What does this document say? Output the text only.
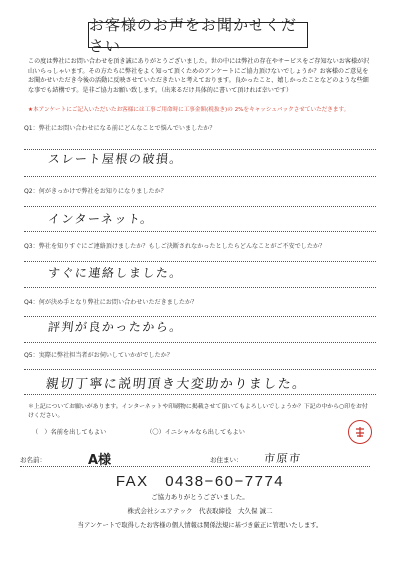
お客様のお声をお聞かせください
この度は弊社にお問い合わせを頂き誠にありがとうございました。世の中には弊社の存在やサービスをご存知ないお客様が沢山いらっしゃいます。その方たちに弊社をよく知って頂くためのアンケートにご協力頂けないでしょうか？お客様のご意見をお聞かせいただき今後の活動に反映させていただきたいと考えております。良かったこと、嬉しかったことなどのような些細な事でも結構です。是非ご協力お願い致します。（出来るだけ具体的に書いて頂ければ幸いです）
★本アンケートにご記入いただいたお客様には工事ご用命時に工事金額(税抜き)の 2%をキャッシュバックさせていただきます。
Q1：弊社にお問い合わせになる前にどんなことで悩んでいましたか？
スレート屋根の破損。
Q2：何がきっかけで弊社をお知りになりましたか？
インターネット。
Q3：弊社を知りすぐにご連絡頂けましたか？もしご決断されなかったとしたらどんなことがご不安でしたか？
すぐに連絡しました。
Q4：何が決め手となり弊社にお問い合わせいただきましたか？
評判が良かったから。
Q5：実際に弊社担当者がお伺いしていかがでしたか？
親切丁寧に説明頂き大変助かりました。
＊上記についてお願いがあります。インターネットや印刷物に掲載させて頂いてもよろしいでしょうか？下記の中から○印をお付けください。
（　）名前を出してもよい	（〇）イニシャルなら出してもよい
お名前：	A様	お住まい： 市原市
FAX　0438−60−7774
ご協力ありがとうございました。
株式会社シエアテック　代表取締役　大久保 誠二
当アンケートで取得したお客様の個人情報は関係法規に基づき厳正に管理いたします。
